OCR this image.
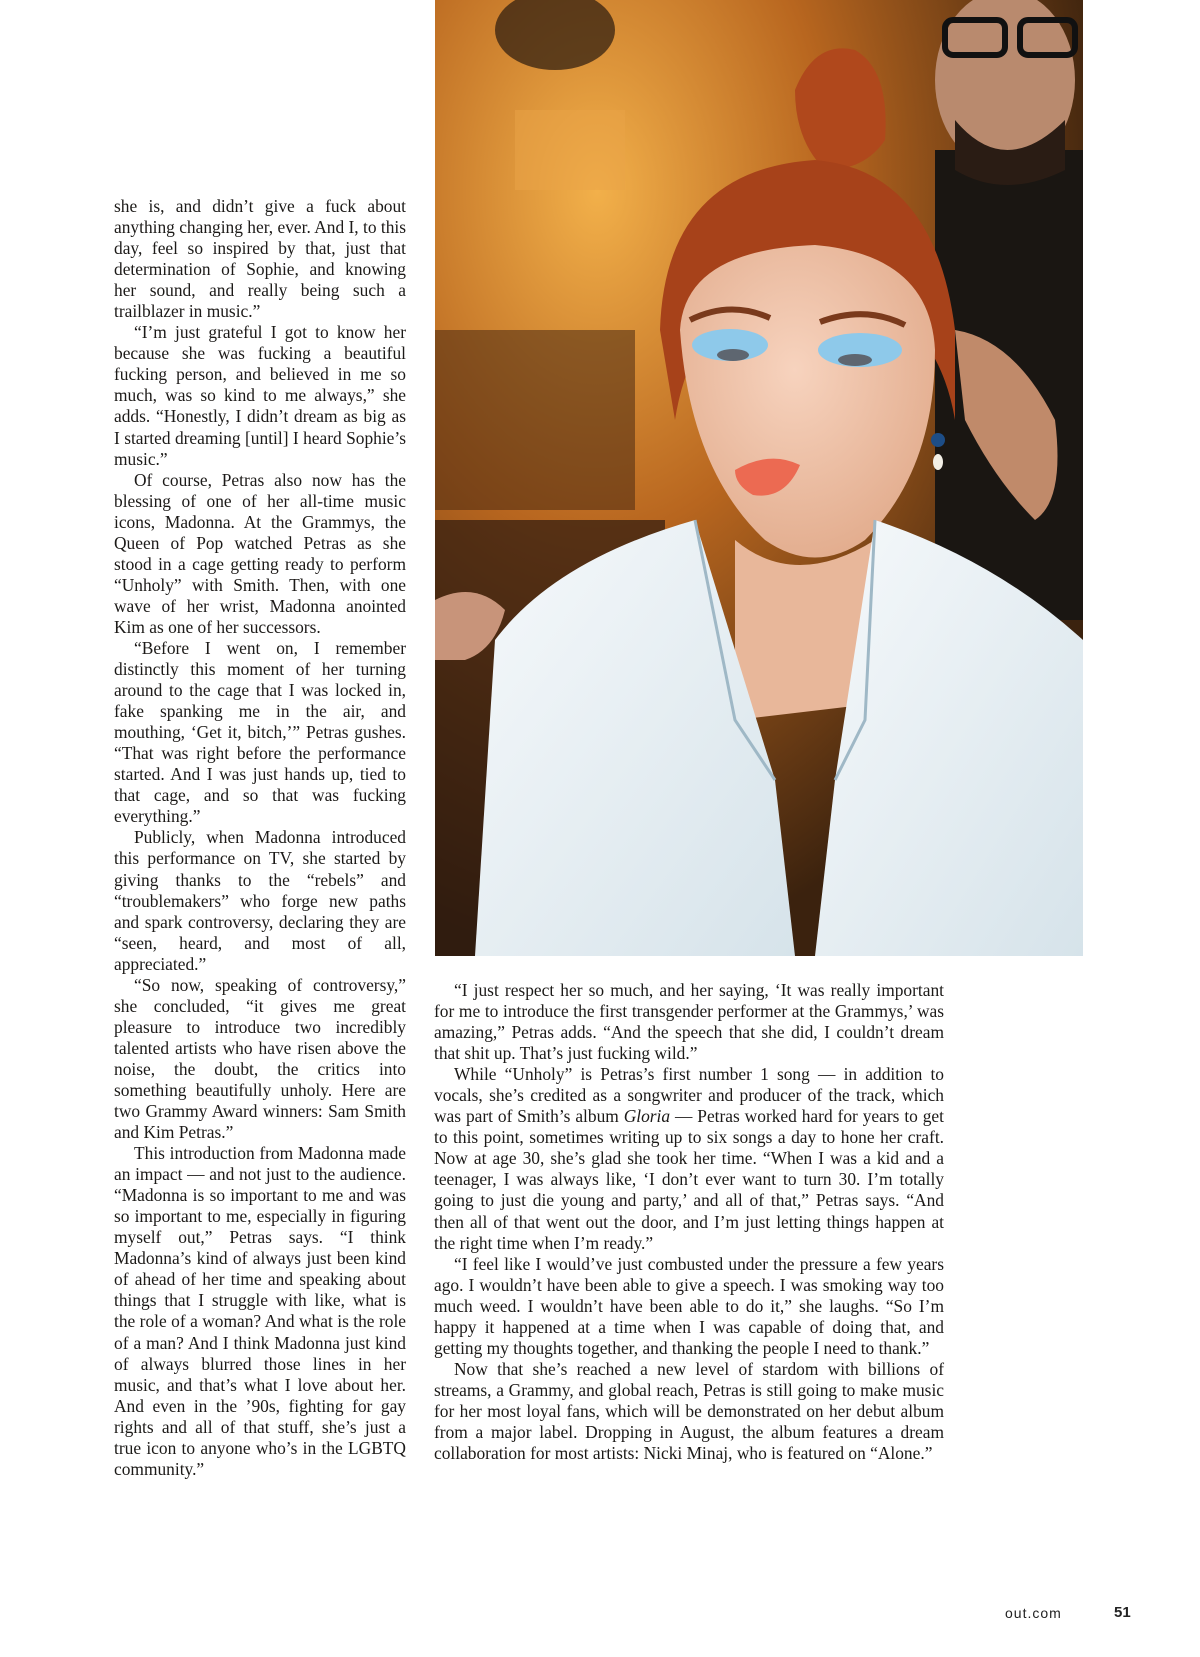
she is, and didn’t give a fuck about anything changing her, ever. And I, to this day, feel so inspired by that, just that determination of Sophie, and knowing her sound, and really being such a trailblazer in music.”

“I’m just grateful I got to know her because she was fucking a beautiful fucking person, and believed in me so much, was so kind to me always,” she adds. “Honestly, I didn’t dream as big as I started dreaming [until] I heard Sophie’s music.”

Of course, Petras also now has the blessing of one of her all-time music icons, Madonna. At the Grammys, the Queen of Pop watched Petras as she stood in a cage getting ready to perform “Unholy” with Smith. Then, with one wave of her wrist, Madonna anointed Kim as one of her successors.

“Before I went on, I remember distinctly this moment of her turning around to the cage that I was locked in, fake spanking me in the air, and mouthing, ‘Get it, bitch,’” Petras gushes. “That was right before the performance started. And I was just hands up, tied to that cage, and so that was fucking everything.”

Publicly, when Madonna introduced this performance on TV, she started by giving thanks to the “rebels” and “troublemakers” who forge new paths and spark controversy, declaring they are “seen, heard, and most of all, appreciated.”

“So now, speaking of controversy,” she concluded, “it gives me great pleasure to introduce two incredibly talented artists who have risen above the noise, the doubt, the critics into something beautifully unholy. Here are two Grammy Award winners: Sam Smith and Kim Petras.”

This introduction from Madonna made an impact — and not just to the audience. “Madonna is so important to me and was so important to me, especially in figuring myself out,” Petras says. “I think Madonna’s kind of always just been kind of ahead of her time and speaking about things that I struggle with like, what is the role of a woman? And what is the role of a man? And I think Madonna just kind of always blurred those lines in her music, and that’s what I love about her. And even in the ’90s, fighting for gay rights and all of that stuff, she’s just a true icon to anyone who’s in the LGBTQ community.”

“I just respect her so much, and her saying, ‘It was really important for me to introduce the first transgender performer at the Grammys,’ was amazing,” Petras adds. “And the speech that she did, I couldn’t dream that shit up. That’s just fucking wild.”

While “Unholy” is Petras’s first number 1 song — in addition to vocals, she’s credited as a songwriter and producer of the track, which was part of Smith’s album Gloria — Petras worked hard for years to get to this point, sometimes writing up to six songs a day to hone her craft. Now at age 30, she’s glad she took her time. “When I was a kid and a teenager, I was always like, ‘I don’t ever want to turn 30. I’m totally going to just die young and party,’ and all of that,” Petras says. “And then all of that went out the door, and I’m just letting things happen at the right time when I’m ready.”

“I feel like I would’ve just combusted under the pressure a few years ago. I wouldn’t have been able to give a speech. I was smoking way too much weed. I wouldn’t have been able to do it,” she laughs. “So I’m happy it happened at a time when I was capable of doing that, and getting my thoughts together, and thanking the people I need to thank.”

Now that she’s reached a new level of stardom with billions of streams, a Grammy, and global reach, Petras is still going to make music for her most loyal fans, which will be demonstrated on her debut album from a major label. Dropping in August, the album features a dream collaboration for most artists: Nicki Minaj, who is featured on “Alone.”

out.com	51
